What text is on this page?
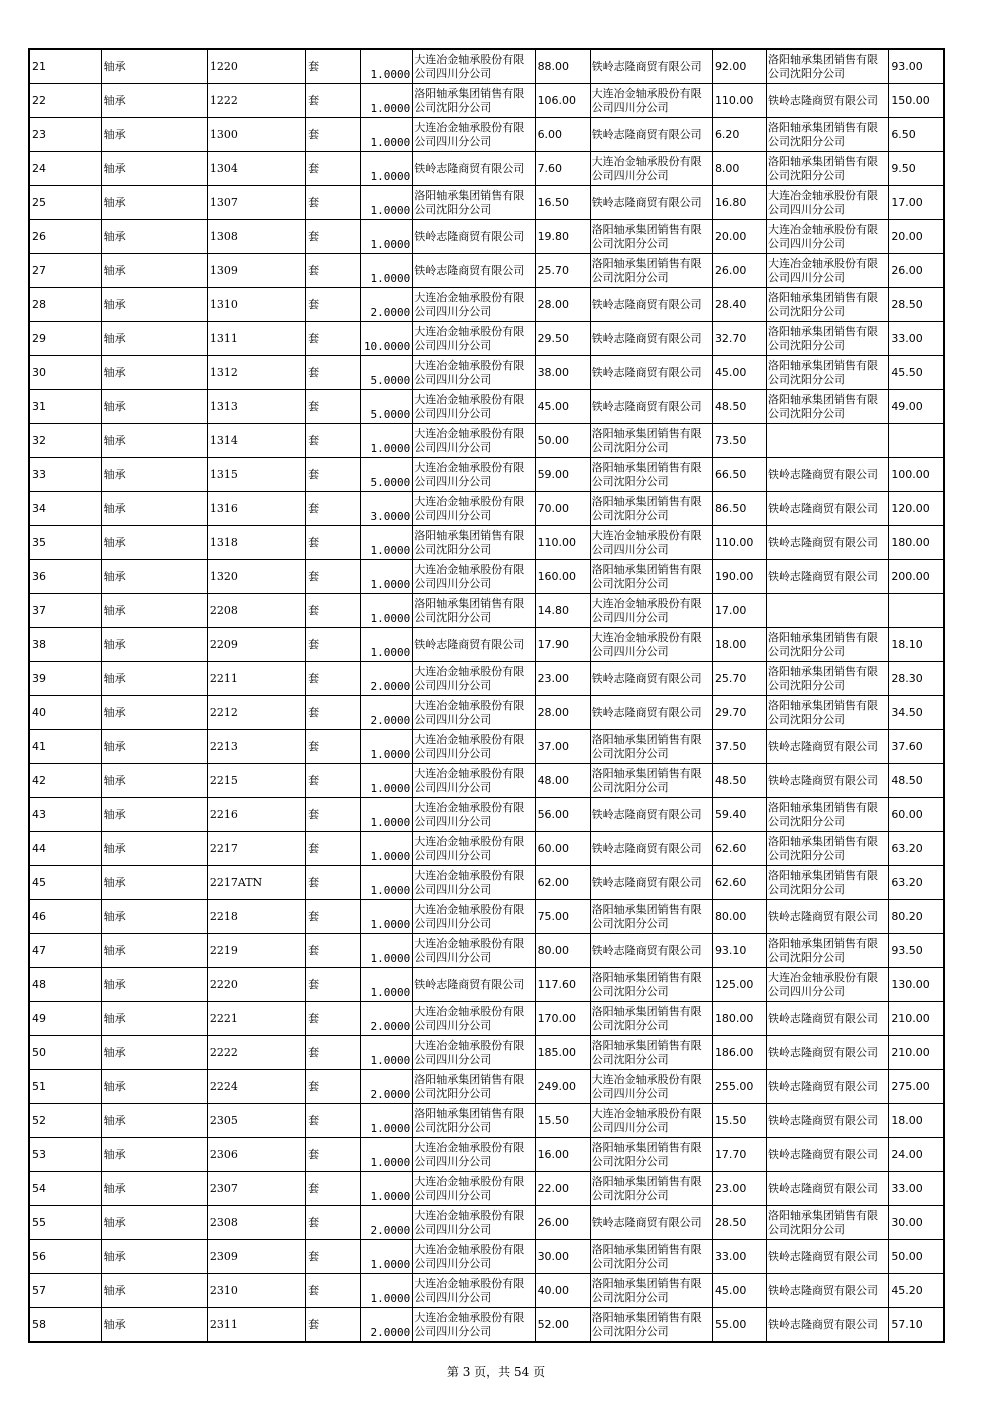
21	轴承	1220	套	1.0000	大连冶金轴承股份有限公司四川分公司	88.00	铁岭志隆商贸有限公司	92.00	洛阳轴承集团销售有限公司沈阳分公司	93.00
22	轴承	1222	套	1.0000	洛阳轴承集团销售有限公司沈阳分公司	106.00	大连冶金轴承股份有限公司四川分公司	110.00	铁岭志隆商贸有限公司	150.00
23	轴承	1300	套	1.0000	大连冶金轴承股份有限公司四川分公司	6.00	铁岭志隆商贸有限公司	6.20	洛阳轴承集团销售有限公司沈阳分公司	6.50
24	轴承	1304	套	1.0000	铁岭志隆商贸有限公司	7.60	大连冶金轴承股份有限公司四川分公司	8.00	洛阳轴承集团销售有限公司沈阳分公司	9.50
25	轴承	1307	套	1.0000	洛阳轴承集团销售有限公司沈阳分公司	16.50	铁岭志隆商贸有限公司	16.80	大连冶金轴承股份有限公司四川分公司	17.00
26	轴承	1308	套	1.0000	铁岭志隆商贸有限公司	19.80	洛阳轴承集团销售有限公司沈阳分公司	20.00	大连冶金轴承股份有限公司四川分公司	20.00
27	轴承	1309	套	1.0000	铁岭志隆商贸有限公司	25.70	洛阳轴承集团销售有限公司沈阳分公司	26.00	大连冶金轴承股份有限公司四川分公司	26.00
28	轴承	1310	套	2.0000	大连冶金轴承股份有限公司四川分公司	28.00	铁岭志隆商贸有限公司	28.40	洛阳轴承集团销售有限公司沈阳分公司	28.50
29	轴承	1311	套	10.0000	大连冶金轴承股份有限公司四川分公司	29.50	铁岭志隆商贸有限公司	32.70	洛阳轴承集团销售有限公司沈阳分公司	33.00
30	轴承	1312	套	5.0000	大连冶金轴承股份有限公司四川分公司	38.00	铁岭志隆商贸有限公司	45.00	洛阳轴承集团销售有限公司沈阳分公司	45.50
31	轴承	1313	套	5.0000	大连冶金轴承股份有限公司四川分公司	45.00	铁岭志隆商贸有限公司	48.50	洛阳轴承集团销售有限公司沈阳分公司	49.00
32	轴承	1314	套	1.0000	大连冶金轴承股份有限公司四川分公司	50.00	洛阳轴承集团销售有限公司沈阳分公司	73.50		
33	轴承	1315	套	5.0000	大连冶金轴承股份有限公司四川分公司	59.00	洛阳轴承集团销售有限公司沈阳分公司	66.50	铁岭志隆商贸有限公司	100.00
34	轴承	1316	套	3.0000	大连冶金轴承股份有限公司四川分公司	70.00	洛阳轴承集团销售有限公司沈阳分公司	86.50	铁岭志隆商贸有限公司	120.00
35	轴承	1318	套	1.0000	洛阳轴承集团销售有限公司沈阳分公司	110.00	大连冶金轴承股份有限公司四川分公司	110.00	铁岭志隆商贸有限公司	180.00
36	轴承	1320	套	1.0000	大连冶金轴承股份有限公司四川分公司	160.00	洛阳轴承集团销售有限公司沈阳分公司	190.00	铁岭志隆商贸有限公司	200.00
37	轴承	2208	套	1.0000	洛阳轴承集团销售有限公司沈阳分公司	14.80	大连冶金轴承股份有限公司四川分公司	17.00		
38	轴承	2209	套	1.0000	铁岭志隆商贸有限公司	17.90	大连冶金轴承股份有限公司四川分公司	18.00	洛阳轴承集团销售有限公司沈阳分公司	18.10
39	轴承	2211	套	2.0000	大连冶金轴承股份有限公司四川分公司	23.00	铁岭志隆商贸有限公司	25.70	洛阳轴承集团销售有限公司沈阳分公司	28.30
40	轴承	2212	套	2.0000	大连冶金轴承股份有限公司四川分公司	28.00	铁岭志隆商贸有限公司	29.70	洛阳轴承集团销售有限公司沈阳分公司	34.50
41	轴承	2213	套	1.0000	大连冶金轴承股份有限公司四川分公司	37.00	洛阳轴承集团销售有限公司沈阳分公司	37.50	铁岭志隆商贸有限公司	37.60
42	轴承	2215	套	1.0000	大连冶金轴承股份有限公司四川分公司	48.00	洛阳轴承集团销售有限公司沈阳分公司	48.50	铁岭志隆商贸有限公司	48.50
43	轴承	2216	套	1.0000	大连冶金轴承股份有限公司四川分公司	56.00	铁岭志隆商贸有限公司	59.40	洛阳轴承集团销售有限公司沈阳分公司	60.00
44	轴承	2217	套	1.0000	大连冶金轴承股份有限公司四川分公司	60.00	铁岭志隆商贸有限公司	62.60	洛阳轴承集团销售有限公司沈阳分公司	63.20
45	轴承	2217ATN	套	1.0000	大连冶金轴承股份有限公司四川分公司	62.00	铁岭志隆商贸有限公司	62.60	洛阳轴承集团销售有限公司沈阳分公司	63.20
46	轴承	2218	套	1.0000	大连冶金轴承股份有限公司四川分公司	75.00	洛阳轴承集团销售有限公司沈阳分公司	80.00	铁岭志隆商贸有限公司	80.20
47	轴承	2219	套	1.0000	大连冶金轴承股份有限公司四川分公司	80.00	铁岭志隆商贸有限公司	93.10	洛阳轴承集团销售有限公司沈阳分公司	93.50
48	轴承	2220	套	1.0000	铁岭志隆商贸有限公司	117.60	洛阳轴承集团销售有限公司沈阳分公司	125.00	大连冶金轴承股份有限公司四川分公司	130.00
49	轴承	2221	套	2.0000	大连冶金轴承股份有限公司四川分公司	170.00	洛阳轴承集团销售有限公司沈阳分公司	180.00	铁岭志隆商贸有限公司	210.00
50	轴承	2222	套	1.0000	大连冶金轴承股份有限公司四川分公司	185.00	洛阳轴承集团销售有限公司沈阳分公司	186.00	铁岭志隆商贸有限公司	210.00
51	轴承	2224	套	2.0000	洛阳轴承集团销售有限公司沈阳分公司	249.00	大连冶金轴承股份有限公司四川分公司	255.00	铁岭志隆商贸有限公司	275.00
52	轴承	2305	套	1.0000	洛阳轴承集团销售有限公司沈阳分公司	15.50	大连冶金轴承股份有限公司四川分公司	15.50	铁岭志隆商贸有限公司	18.00
53	轴承	2306	套	1.0000	大连冶金轴承股份有限公司四川分公司	16.00	洛阳轴承集团销售有限公司沈阳分公司	17.70	铁岭志隆商贸有限公司	24.00
54	轴承	2307	套	1.0000	大连冶金轴承股份有限公司四川分公司	22.00	洛阳轴承集团销售有限公司沈阳分公司	23.00	铁岭志隆商贸有限公司	33.00
55	轴承	2308	套	2.0000	大连冶金轴承股份有限公司四川分公司	26.00	铁岭志隆商贸有限公司	28.50	洛阳轴承集团销售有限公司沈阳分公司	30.00
56	轴承	2309	套	1.0000	大连冶金轴承股份有限公司四川分公司	30.00	洛阳轴承集团销售有限公司沈阳分公司	33.00	铁岭志隆商贸有限公司	50.00
57	轴承	2310	套	1.0000	大连冶金轴承股份有限公司四川分公司	40.00	洛阳轴承集团销售有限公司沈阳分公司	45.00	铁岭志隆商贸有限公司	45.20
58	轴承	2311	套	2.0000	大连冶金轴承股份有限公司四川分公司	52.00	洛阳轴承集团销售有限公司沈阳分公司	55.00	铁岭志隆商贸有限公司	57.10
第 3 页，共 54 页
